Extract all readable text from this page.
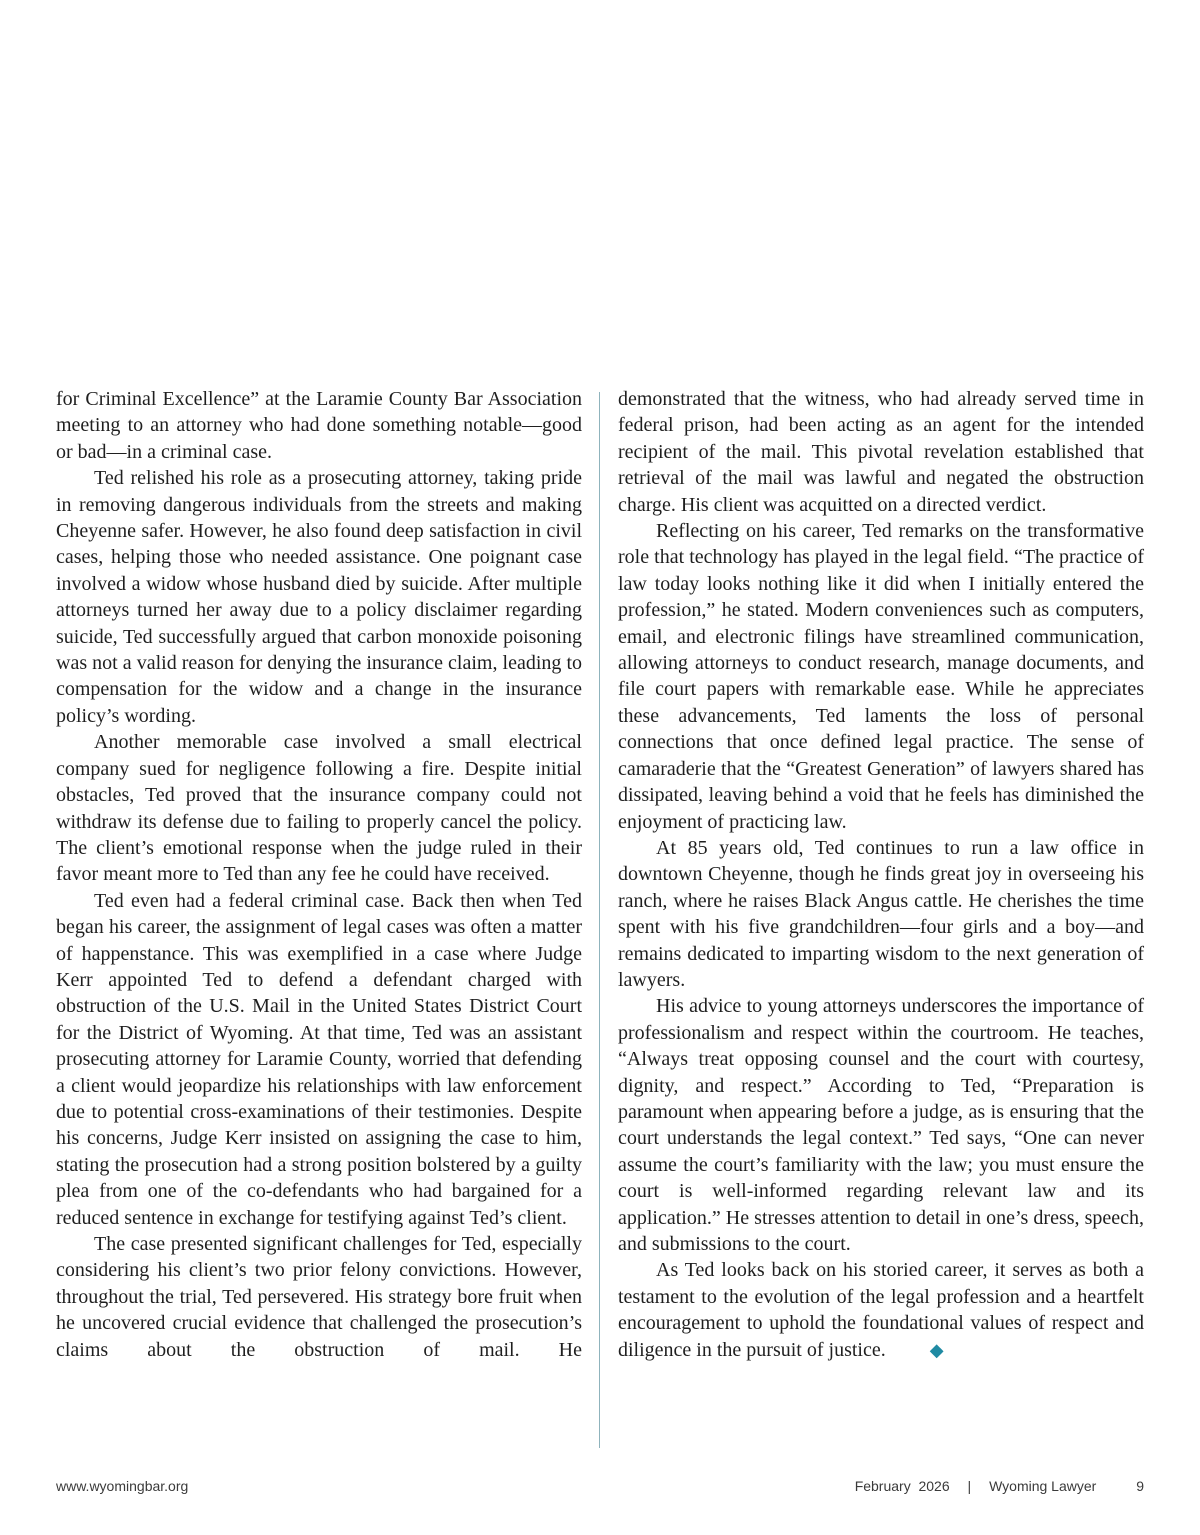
for Criminal Excellence” at the Laramie County Bar Association meeting to an attorney who had done something notable—good or bad—in a criminal case.

Ted relished his role as a prosecuting attorney, taking pride in removing dangerous individuals from the streets and making Cheyenne safer. However, he also found deep satisfaction in civil cases, helping those who needed assistance. One poignant case involved a widow whose husband died by suicide. After multiple attorneys turned her away due to a policy disclaimer regarding suicide, Ted successfully argued that carbon monoxide poisoning was not a valid reason for denying the insurance claim, leading to compensation for the widow and a change in the insurance policy’s wording.

Another memorable case involved a small electrical company sued for negligence following a fire. Despite initial obstacles, Ted proved that the insurance company could not withdraw its defense due to failing to properly cancel the policy. The client’s emotional response when the judge ruled in their favor meant more to Ted than any fee he could have received.

Ted even had a federal criminal case. Back then when Ted began his career, the assignment of legal cases was often a matter of happenstance. This was exemplified in a case where Judge Kerr appointed Ted to defend a defendant charged with obstruction of the U.S. Mail in the United States District Court for the District of Wyoming. At that time, Ted was an assistant prosecuting attorney for Laramie County, worried that defending a client would jeopardize his relationships with law enforcement due to potential cross-examinations of their testimonies. Despite his concerns, Judge Kerr insisted on assigning the case to him, stating the prosecution had a strong position bolstered by a guilty plea from one of the co-defendants who had bargained for a reduced sentence in exchange for testifying against Ted’s client.

The case presented significant challenges for Ted, especially considering his client’s two prior felony convictions. However, throughout the trial, Ted persevered. His strategy bore fruit when he uncovered crucial evidence that challenged the prosecution’s claims about the obstruction of mail. He

demonstrated that the witness, who had already served time in federal prison, had been acting as an agent for the intended recipient of the mail. This pivotal revelation established that retrieval of the mail was lawful and negated the obstruction charge. His client was acquitted on a directed verdict.

Reflecting on his career, Ted remarks on the transformative role that technology has played in the legal field. “The practice of law today looks nothing like it did when I initially entered the profession,” he stated. Modern conveniences such as computers, email, and electronic filings have streamlined communication, allowing attorneys to conduct research, manage documents, and file court papers with remarkable ease. While he appreciates these advancements, Ted laments the loss of personal connections that once defined legal practice. The sense of camaraderie that the “Greatest Generation” of lawyers shared has dissipated, leaving behind a void that he feels has diminished the enjoyment of practicing law.

At 85 years old, Ted continues to run a law office in downtown Cheyenne, though he finds great joy in overseeing his ranch, where he raises Black Angus cattle. He cherishes the time spent with his five grandchildren—four girls and a boy—and remains dedicated to imparting wisdom to the next generation of lawyers.

His advice to young attorneys underscores the importance of professionalism and respect within the courtroom. He teaches, “Always treat opposing counsel and the court with courtesy, dignity, and respect.” According to Ted, “Preparation is paramount when appearing before a judge, as is ensuring that the court understands the legal context.” Ted says, “One can never assume the court’s familiarity with the law; you must ensure the court is well-informed regarding relevant law and its application.” He stresses attention to detail in one’s dress, speech, and submissions to the court.

As Ted looks back on his storied career, it serves as both a testament to the evolution of the legal profession and a heartfelt encouragement to uphold the foundational values of respect and diligence in the pursuit of justice. ◆

www.wyomingbar.org	February  2026 | Wyoming Lawyer	9
